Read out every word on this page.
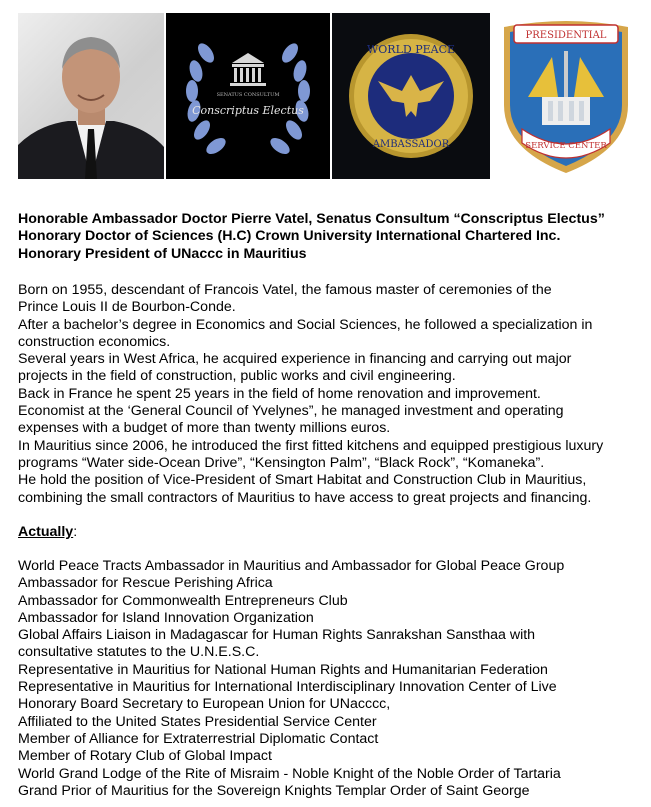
SENATUS CONSULTUM
Conscriptus Electus
WORLD PEACE
AMBASSADOR
PRESIDENTIAL
SERVICE CENTER
Honorable Ambassador Doctor Pierre Vatel, Senatus Consultum “Conscriptus Electus”
Honorary Doctor of Sciences (H.C) Crown University International Chartered Inc.
Honorary President of UNaccc in Mauritius
Born on 1955, descendant of Francois Vatel, the famous master of ceremonies of the
Prince Louis II de Bourbon-Conde.
After a bachelor’s degree in Economics and Social Sciences, he followed a specialization in
construction economics.
Several years in West Africa, he acquired experience in financing and carrying out major
projects in the field of construction, public works and civil engineering.
Back in France he spent 25 years in the field of home renovation and improvement.
Economist at the ‘General Council of Yvelynes”, he managed investment and operating
expenses with a budget of more than twenty millions euros.
In Mauritius since 2006, he introduced the first fitted kitchens and equipped prestigious luxury
programs “Water side-Ocean Drive”, “Kensington Palm”, “Black Rock”, “Komaneka”.
He hold the position of Vice-President of Smart Habitat and Construction Club in Mauritius,
combining the small contractors of Mauritius to have access to great projects and financing.
Actually:
World Peace Tracts Ambassador in Mauritius and Ambassador for Global Peace Group
Ambassador for Rescue Perishing Africa
Ambassador for Commonwealth Entrepreneurs Club
Ambassador for Island Innovation Organization
Global Affairs Liaison in Madagascar for Human Rights Sanrakshan Sansthaa with
consultative statutes to the U.N.E.S.C.
Representative in Mauritius for National Human Rights and Humanitarian Federation
Representative in Mauritius for International Interdisciplinary Innovation Center of Live
Honorary Board Secretary to European Union for UNacccc,
Affiliated to the United States Presidential Service Center
Member of Alliance for Extraterrestrial Diplomatic Contact
Member of Rotary Club of Global Impact
World Grand Lodge of the Rite of Misraim - Noble Knight of the Noble Order of Tartaria
Grand Prior of Mauritius for the Sovereign Knights Templar Order of Saint George
